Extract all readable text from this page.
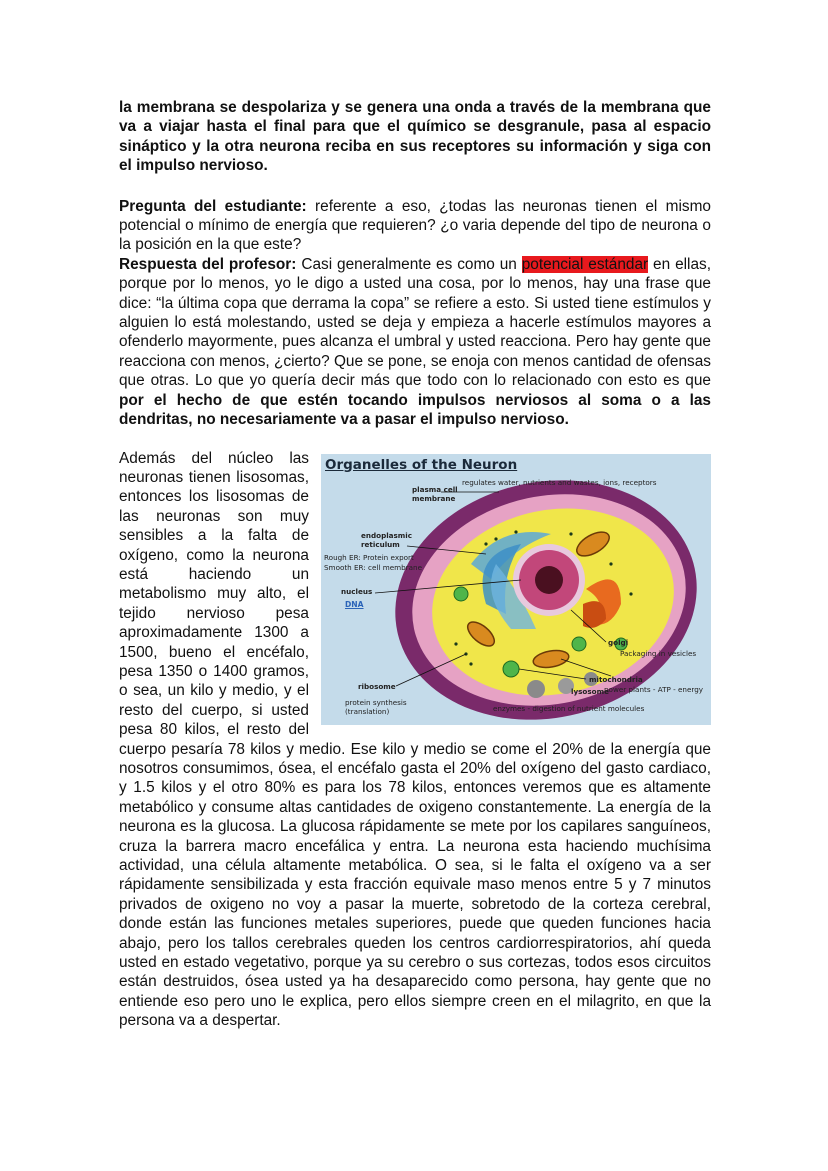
la membrana se despolariza y se genera una onda a través de la membrana que va a viajar hasta el final para que el químico se desgranule, pasa al espacio sináptico y la otra neurona reciba en sus receptores su información y siga con el impulso nervioso.

Pregunta del estudiante: referente a eso, ¿todas las neuronas tienen el mismo potencial o mínimo de energía que requieren? ¿o varia depende del tipo de neurona o la posición en la que este?

Respuesta del profesor: Casi generalmente es como un potencial estándar en ellas, porque por lo menos, yo le digo a usted una cosa, por lo menos, hay una frase que dice: “la última copa que derrama la copa” se refiere a esto. Si usted tiene estímulos y alguien lo está molestando, usted se deja y empieza a hacerle estímulos mayores a ofenderlo mayormente, pues alcanza el umbral y usted reacciona. Pero hay gente que reacciona con menos, ¿cierto? Que se pone, se enoja con menos cantidad de ofensas que otras. Lo que yo quería decir más que todo con lo relacionado con esto es que por el hecho de que estén tocando impulsos nerviosos al soma o a las dendritas, no necesariamente va a pasar el impulso nervioso.

Organelles of the Neuron
regulates water, nutrients and wastes, ions, receptors
plasma cell
membrane
endoplasmic
reticulum
Rough ER: Protein export
Smooth ER: cell membrane
nucleus
DNA
golgi
Packaging in vesicles
ribosome
protein synthesis
(translation)
mitochondria
lysosome
power plants - ATP - energy
enzymes - digestion of nutrient molecules

Además del núcleo las neuronas tienen lisosomas, entonces los lisosomas de las neuronas son muy sensibles a la falta de oxígeno, como la neurona está haciendo un metabolismo muy alto, el tejido nervioso pesa aproximadamente 1300 a 1500, bueno el encéfalo, pesa 1350 o 1400 gramos, o sea, un kilo y medio, y el resto del cuerpo, si usted pesa 80 kilos, el resto del cuerpo pesaría 78 kilos y medio. Ese kilo y medio se come el 20% de la energía que nosotros consumimos, ósea, el encéfalo gasta el 20% del oxígeno del gasto cardiaco, y 1.5 kilos y el otro 80% es para los 78 kilos, entonces veremos que es altamente metabólico y consume altas cantidades de oxigeno constantemente. La energía de la neurona es la glucosa. La glucosa rápidamente se mete por los capilares sanguíneos, cruza la barrera macro encefálica y entra. La neurona esta haciendo muchísima actividad, una célula altamente metabólica. O sea, si le falta el oxígeno va a ser rápidamente sensibilizada y esta fracción equivale maso menos entre 5 y 7 minutos privados de oxigeno no voy a pasar la muerte, sobretodo de la corteza cerebral, donde están las funciones metales superiores, puede que queden funciones hacia abajo, pero los tallos cerebrales queden los centros cardiorrespiratorios, ahí queda usted en estado vegetativo, porque ya su cerebro o sus cortezas, todos esos circuitos están destruidos, ósea usted ya ha desaparecido como persona, hay gente que no entiende eso pero uno le explica, pero ellos siempre creen en el milagrito, en que la persona va a despertar.
